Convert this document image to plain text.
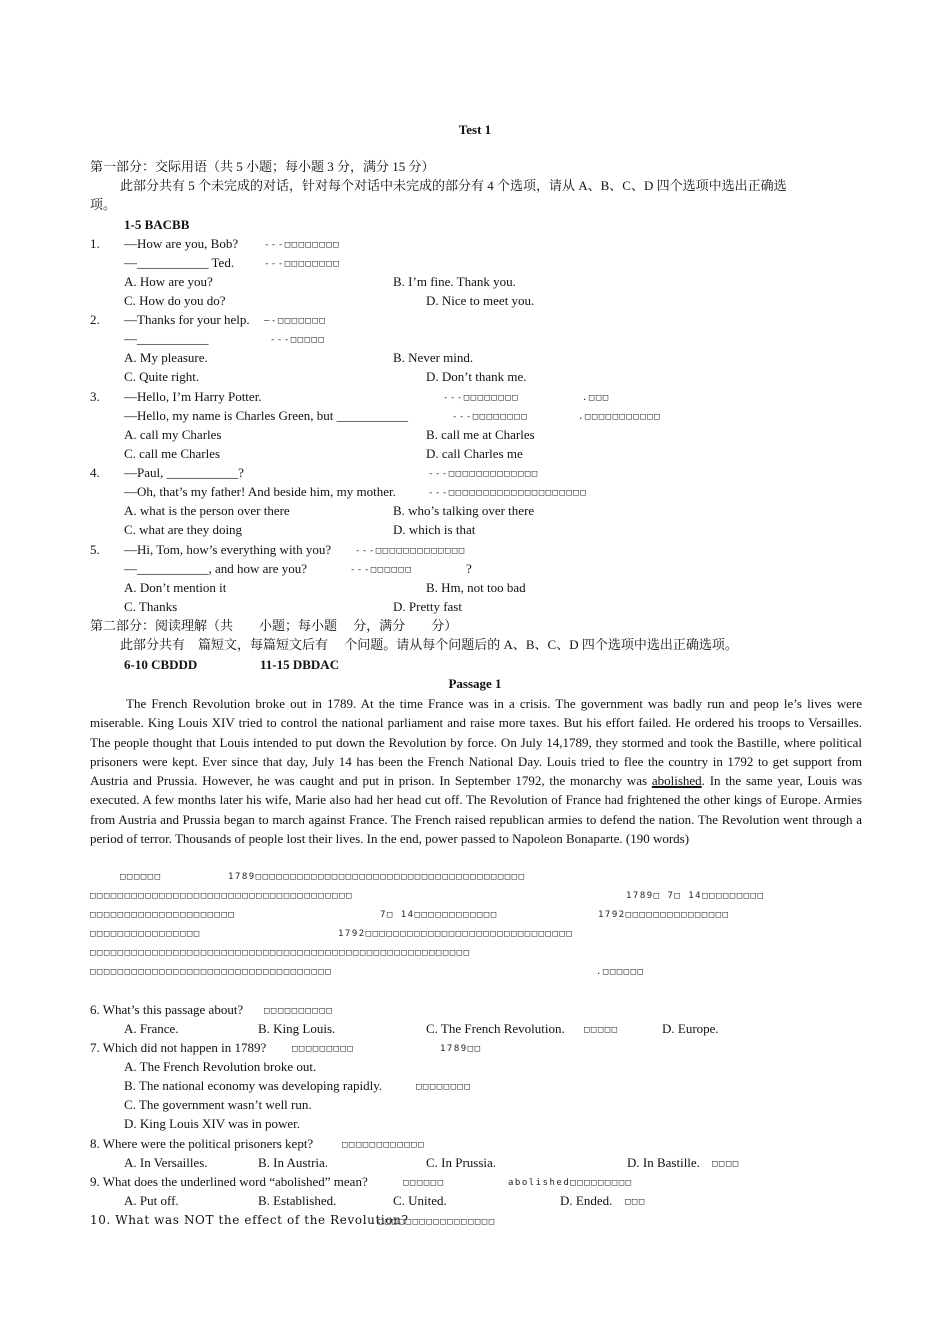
Test 1
第一部分：交际用语（共 5 小题；每小题 3 分，满分 15 分）
此部分共有 5 个未完成的对话，针对每个对话中未完成的部分有 4 个选项，请从 A、B、C、D 四个选项中选出正确选
项。
1-5 BACBB
1. —How are you, Bob?	---□□□□□□□□
—___________ Ted.	---□□□□□□□□
A. How are you?	B. I’m fine. Thank you.
C. How do you do?	D. Nice to meet you.
2. —Thanks for your help. —-□□□□□□□
—___________	---□□□□□
A. My pleasure.	B. Never mind.
C. Quite right.	D. Don’t thank me.
3. —Hello, I’m Harry Potter.	---□□□□□□□□	.□□□
—Hello, my name is Charles Green, but ___________	---□□□□□□□□	.□□□□□□□□□□□
A. call my Charles	B. call me at Charles
C. call me Charles	D. call Charles me
4. —Paul, ___________?	---□□□□□□□□□□□□□
—Oh, that’s my father! And beside him, my mother.	---□□□□□□□□□□□□□□□□□□□□
A. what is the person over there	B. who’s talking over there
C. what are they doing	D. which is that
5. —Hi, Tom, how’s everything with you?	---□□□□□□□□□□□□□
—___________, and how are you?	---□□□□□□	?
A. Don’t mention it	B. Hm, not too bad
C. Thanks	D. Pretty fast
第二部分：阅读理解（共　　小题；每小题　 分，满分　　分）
此部分共有　篇短文，每篇短文后有　 个问题。请从每个问题后的 A、B、C、D 四个选项中选出正确选项。
6-10 CBDDD	11-15 DBDAC
Passage 1
The French Revolution broke out in 1789. At the time France was in a crisis. The government was badly run and peop le’s lives were miserable. King Louis XIV tried to control the national parliament and raise more taxes. But his effort failed. He ordered his troops to Versailles. The people thought that Louis intended to put down the Revolution by force. On July 14,1789, they stormed and took the Bastille, where political prisoners were kept. Ever since that day, July 14 has been the French National Day. Louis tried to flee the country in 1792 to get support from Austria and Prussia. However, he was caught and put in prison. In September 1792, the monarchy was abolished. In the same year, Louis was executed. A few months later his wife, Marie also had her head cut off. The Revolution of France had frightened the other kings of Europe. Armies from Austria and Prussia began to march against France. The French raised republican armies to defend the nation. The Revolution went through a period of terror. Thousands of people lost their lives. In the end, power passed to Napoleon Bonaparte. (190 words)
□□□□□□	1789□□□□□□□□□□□□□□□□□□□□□□□□□□□□□□□□□□□□□□□
□□□□□□□□□□□□□□□□□□□□□□□□□□□□□□□□□□□□□□	1789□ 7□ 14□□□□□□□□□
□□□□□□□□□□□□□□□□□□□□□	7□ 14□□□□□□□□□□□□	1792□□□□□□□□□□□□□□□
□□□□□□□□□□□□□□□□	1792□□□□□□□□□□□□□□□□□□□□□□□□□□□□□□
□□□□□□□□□□□□□□□□□□□□□□□□□□□□□□□□□□□□□□□□□□□□□□□□□□□□□□□
□□□□□□□□□□□□□□□□□□□□□□□□□□□□□□□□□□□	.□□□□□□
6. What’s this passage about? □□□□□□□□□□
A. France.	B. King Louis.	C. The French Revolution. □□□□□	D. Europe.
7. Which did not happen in 1789?	□□□□□□□□□	1789□□
A. The French Revolution broke out.
B. The national economy was developing rapidly.	□□□□□□□□
C. The government wasn’t well run.
D. King Louis XIV was in power.
8. Where were the political prisoners kept?	□□□□□□□□□□□□
A. In Versailles.	B. In Austria.	C. In Prussia.	D. In Bastille. □□□□
9. What does the underlined word “abolished” mean?	□□□□□□	abolished□□□□□□□□□
A. Put off.	B. Established.	C. United.	D. Ended. □□□
10. What was NOT the effect of the Revolution?
□□□□□□□□□□□□□□□□□
